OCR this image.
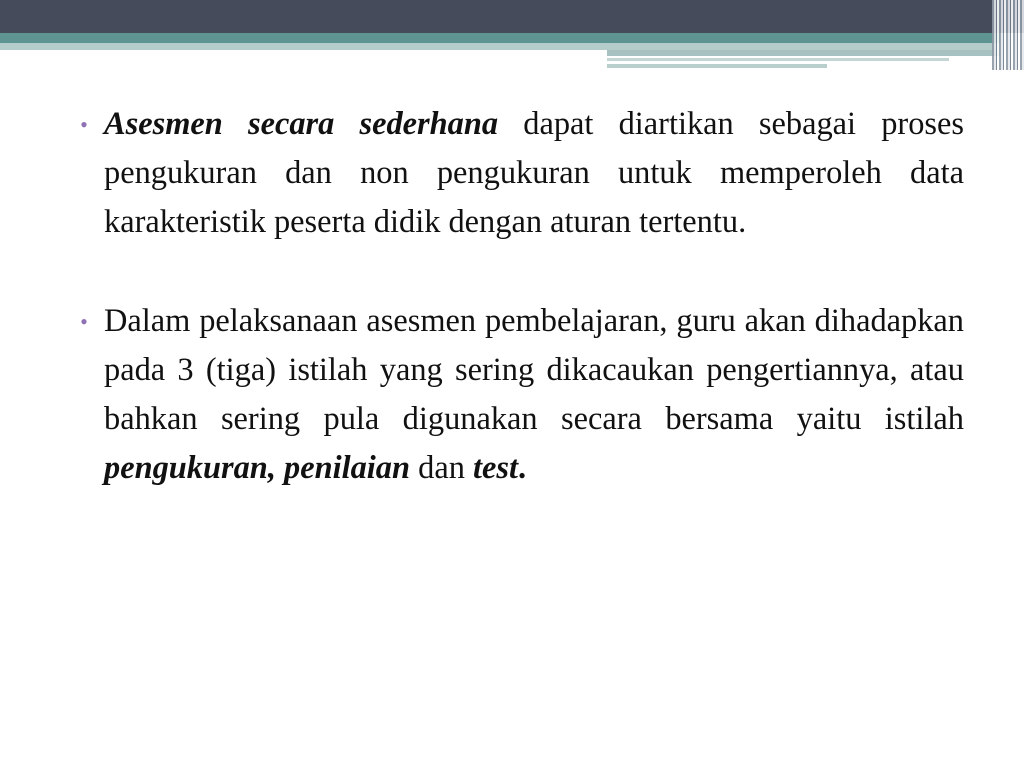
• Asesmen secara sederhana dapat diartikan sebagai proses pengukuran dan non pengukuran untuk memperoleh data karakteristik peserta didik dengan aturan tertentu.

• Dalam pelaksanaan asesmen pembelajaran, guru akan dihadapkan pada 3 (tiga) istilah yang sering dikacaukan pengertiannya, atau bahkan sering pula digunakan secara bersama yaitu istilah pengukuran, penilaian dan test.
